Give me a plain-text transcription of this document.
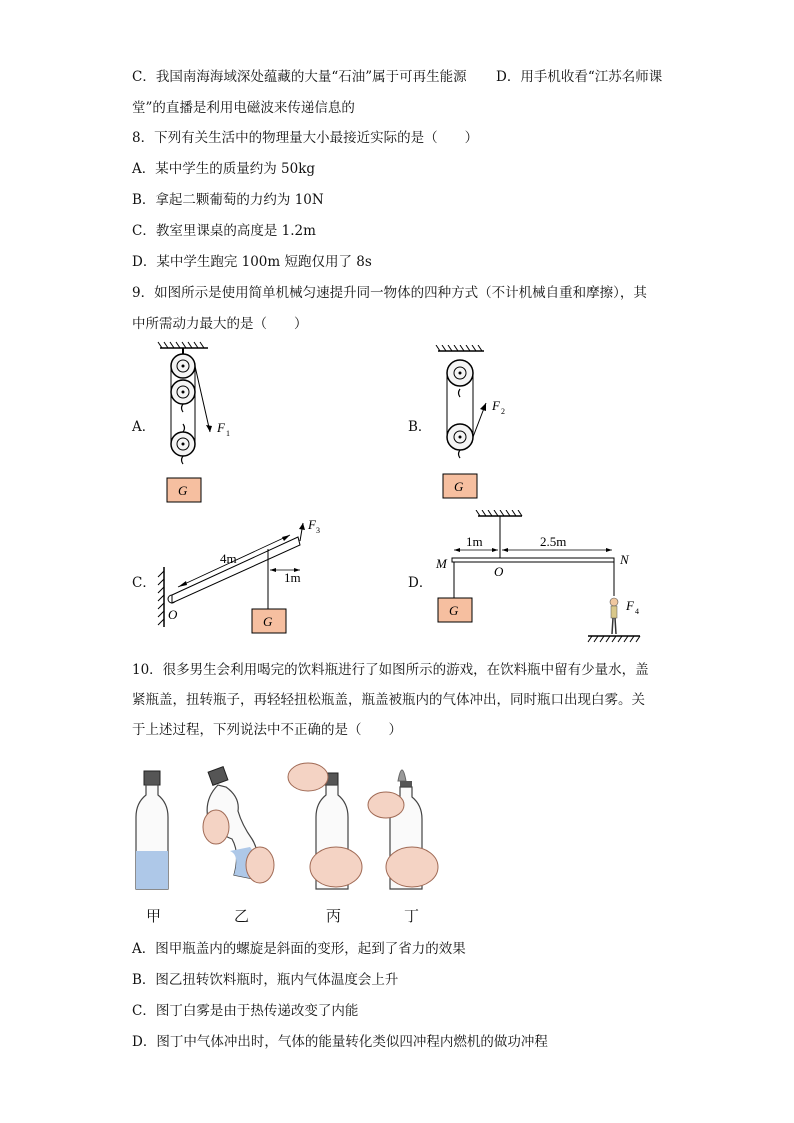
C．我国南海海域深处蕴藏的大量“石油”属于可再生能源 D．用手机收看“江苏名师课
堂”的直播是利用电磁波来传递信息的
8．下列有关生活中的物理量大小最接近实际的是（　　）
A．某中学生的质量约为 50kg
B．拿起二颗葡萄的力约为 10N
C．教室里课桌的高度是 1.2m
D．某中学生跑完 100m 短跑仅用了 8s
9．如图所示是使用简单机械匀速提升同一物体的四种方式（不计机械自重和摩擦），其
中所需动力最大的是（　　）
A．	B．
C．	D．
F 1
G
F 2
G
4m
1m
F 3
O	G
1m	2.5m
M	N
O
G	F 4
10．很多男生会利用喝完的饮料瓶进行了如图所示的游戏，在饮料瓶中留有少量水，盖
紧瓶盖，扭转瓶子，再轻轻扭松瓶盖，瓶盖被瓶内的气体冲出，同时瓶口出现白雾。关
于上述过程，下列说法中不正确的是（　　）
甲	乙	丙	丁
A．图甲瓶盖内的螺旋是斜面的变形，起到了省力的效果
B．图乙扭转饮料瓶时，瓶内气体温度会上升
C．图丁白雾是由于热传递改变了内能
D．图丁中气体冲出时，气体的能量转化类似四冲程内燃机的做功冲程
